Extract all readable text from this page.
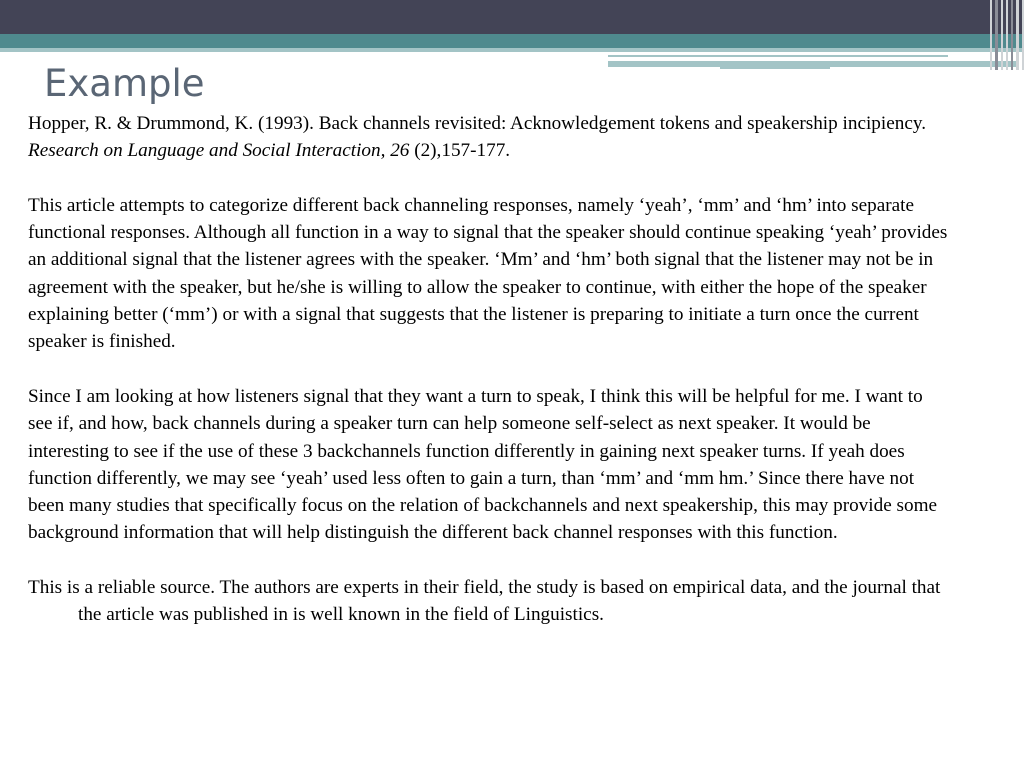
Example

Hopper, R. & Drummond, K. (1993). Back channels revisited: Acknowledgement tokens and speakership incipiency. Research on Language and Social Interaction, 26 (2),157-177.

This article attempts to categorize different back channeling responses, namely ‘yeah’, ‘mm’ and ‘hm’ into separate functional responses. Although all function in a way to signal that the speaker should continue speaking ‘yeah’ provides an additional signal that the listener agrees with the speaker. ‘Mm’ and ‘hm’ both signal that the listener may not be in agreement with the speaker, but he/she is willing to allow the speaker to continue, with either the hope of the speaker explaining better (‘mm’) or with a signal that suggests that the listener is preparing to initiate a turn once the current speaker is finished.

Since I am looking at how listeners signal that they want a turn to speak, I think this will be helpful for me. I want to see if, and how, back channels during a speaker turn can help someone self-select as next speaker. It would be interesting to see if the use of these 3 backchannels function differently in gaining next speaker turns. If yeah does function differently, we may see ‘yeah’ used less often to gain a turn, than ‘mm’ and ‘mm hm.’ Since there have not been many studies that specifically focus on the relation of backchannels and next speakership, this may provide some background information that will help distinguish the different back channel responses with this function.

This is a reliable source. The authors are experts in their field, the study is based on empirical data, and the journal that the article was published in is well known in the field of Linguistics.
